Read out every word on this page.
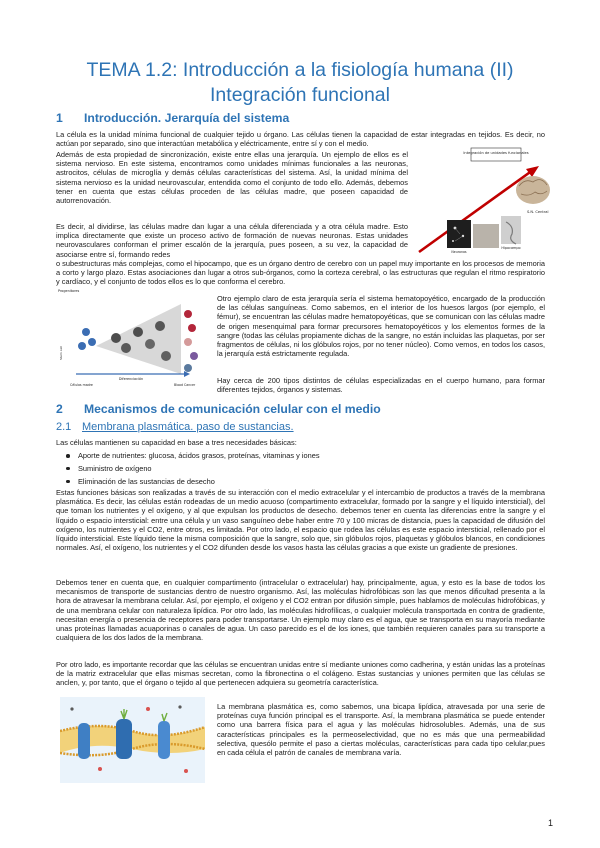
TEMA 1.2: Introducción a la fisiología humana (II)
Integración funcional
1 Introducción. Jerarquía del sistema
La célula es la unidad mínima funcional de cualquier tejido u órgano. Las células tienen la capacidad de estar integradas en tejidos. Es decir, no actúan por separado, sino que interactúan metabólica y eléctricamente, entre sí y con el medio.
Además de esta propiedad de sincronización, existe entre ellas una jerarquía. Un ejemplo de ellos es el sistema nervioso. En este sistema, encontramos como unidades mínimas funcionales a las neuronas, astrocitos, células de microglía y demás células características del sistema. Así, la unidad mínima del sistema nervioso es la unidad neurovascular, entendida como el conjunto de todo ello. Además, debemos tener en cuenta que estas células proceden de las células madre, que poseen capacidad de autorrenovación.
Es decir, al dividirse, las células madre dan lugar a una célula diferenciada y a otra célula madre. Esto implica directamente que existe un proceso activo de formación de nuevas neuronas. Estas unidades neurovasculares conforman el primer escalón de la jerarquía, pues poseen, a su vez, la capacidad de asociarse entre sí, formando redes
o subestructuras más complejas, como el hipocampo, que es un órgano dentro de cerebro con un papel muy importante en los procesos de memoria a corto y largo plazo. Estas asociaciones dan lugar a otros sub-órganos, como la corteza cerebral, o las estructuras que regulan el ritmo respiratorio y cardíaco, y el conjunto de todos ellos es lo que conforma el cerebro.
Integración de unidades funcionales
S.N. Central
Hipocampo
Neuronas
Progenitores
Diferenciación
Células madre	Blood Cancer
Stem cell
Otro ejemplo claro de esta jerarquía sería el sistema hematopoyético, encargado de la producción de las células sanguíneas. Como sabemos, en el interior de los huesos largos (por ejemplo, el fémur), se encuentran las células madre hematopoyéticas, que se comunican con las células madre de origen mesenquimal para formar precursores hematopoyéticos y los elementos formes de la sangre (todas las células propiamente dichas de la sangre, no están incluidas las plaquetas, por ser fragmentos de células, ni los glóbulos rojos, por no tener núcleo). Como vemos, en todos los casos, la jerarquía está estrictamente regulada.
Hay cerca de 200 tipos distintos de células especializadas en el cuerpo humano, para formar diferentes tejidos, órganos y sistemas.
2 Mecanismos de comunicación celular con el medio
2.1 Membrana plasmática. paso de sustancias.
Las células mantienen su capacidad en base a tres necesidades básicas:
Aporte de nutrientes: glucosa, ácidos grasos, proteínas, vitaminas y iones
Suministro de oxígeno
Eliminación de las sustancias de desecho
Estas funciones básicas son realizadas a través de su interacción con el medio extracelular y el intercambio de productos a través de la membrana plasmática. Es decir, las células están rodeadas de un medio acuoso (compartimento extracelular, formado por la sangre y el líquido intersticial), del que toman los nutrientes y el oxígeno, y al que expulsan los productos de desecho. debemos tener en cuenta las diferencias entre la sangre y el líquido o espacio intersticial: entre una célula y un vaso sanguíneo debe haber entre 70 y 100 micras de distancia, pues la capacidad de difusión del oxígeno, los nutrientes y el CO2, entre otros, es limitada. Por otro lado, el espacio que rodea las células es este espacio intersticial, rellenado por el líquido intersticial. Este líquido tiene la misma composición que la sangre, solo que, sin glóbulos rojos, plaquetas y glóbulos blancos, en condiciones normales. Así, el oxígeno, los nutrientes y el CO2 difunden desde los vasos hasta las células gracias a que existe un gradiente de presiones.
Debemos tener en cuenta que, en cualquier compartimento (intracelular o extracelular) hay, principalmente, agua, y esto es la base de todos los mecanismos de transporte de sustancias dentro de nuestro organismo. Así, las moléculas hidrofóbicas son las que menos dificultad presenta a la hora de atravesar la membrana celular. Así, por ejemplo, el oxígeno y el CO2 entran por difusión simple, pues hablamos de moléculas hidrofóbicas, y de una membrana celular con naturaleza lipídica. Por otro lado, las moléculas hidrofílicas, o cualquier molécula transportada en contra de gradiente, necesitan energía o presencia de receptores para poder transportarse. Un ejemplo muy claro es el agua, que se transporta en su mayoría mediante unas proteínas llamadas acuaporinas o canales de agua. Un caso parecido es el de los iones, que también requieren canales para su transporte a cualquiera de los dos lados de la membrana.
Por otro lado, es importante recordar que las células se encuentran unidas entre sí mediante uniones como cadherina, y están unidas las a proteínas de la matriz extracelular que ellas mismas secretan, como la fibronectina o el colágeno. Estas sustancias y uniones permiten que las células se anclen, y, por tanto, que el órgano o tejido al que pertenecen adquiera su geometría característica.
La membrana plasmática es, como sabemos, una bicapa lipídica, atravesada por una serie de proteínas cuya función principal es el transporte. Así, la membrana plasmática se puede entender como una barrera física para el agua y las moléculas hidrosolubles. Además, una de sus características principales es la permeoselectividad, que no es más que una permeabilidad selectiva, quesólo permite el paso a ciertas moléculas, características para cada tipo celular,pues en cada célula el patrón de canales de membrana varía.
1
